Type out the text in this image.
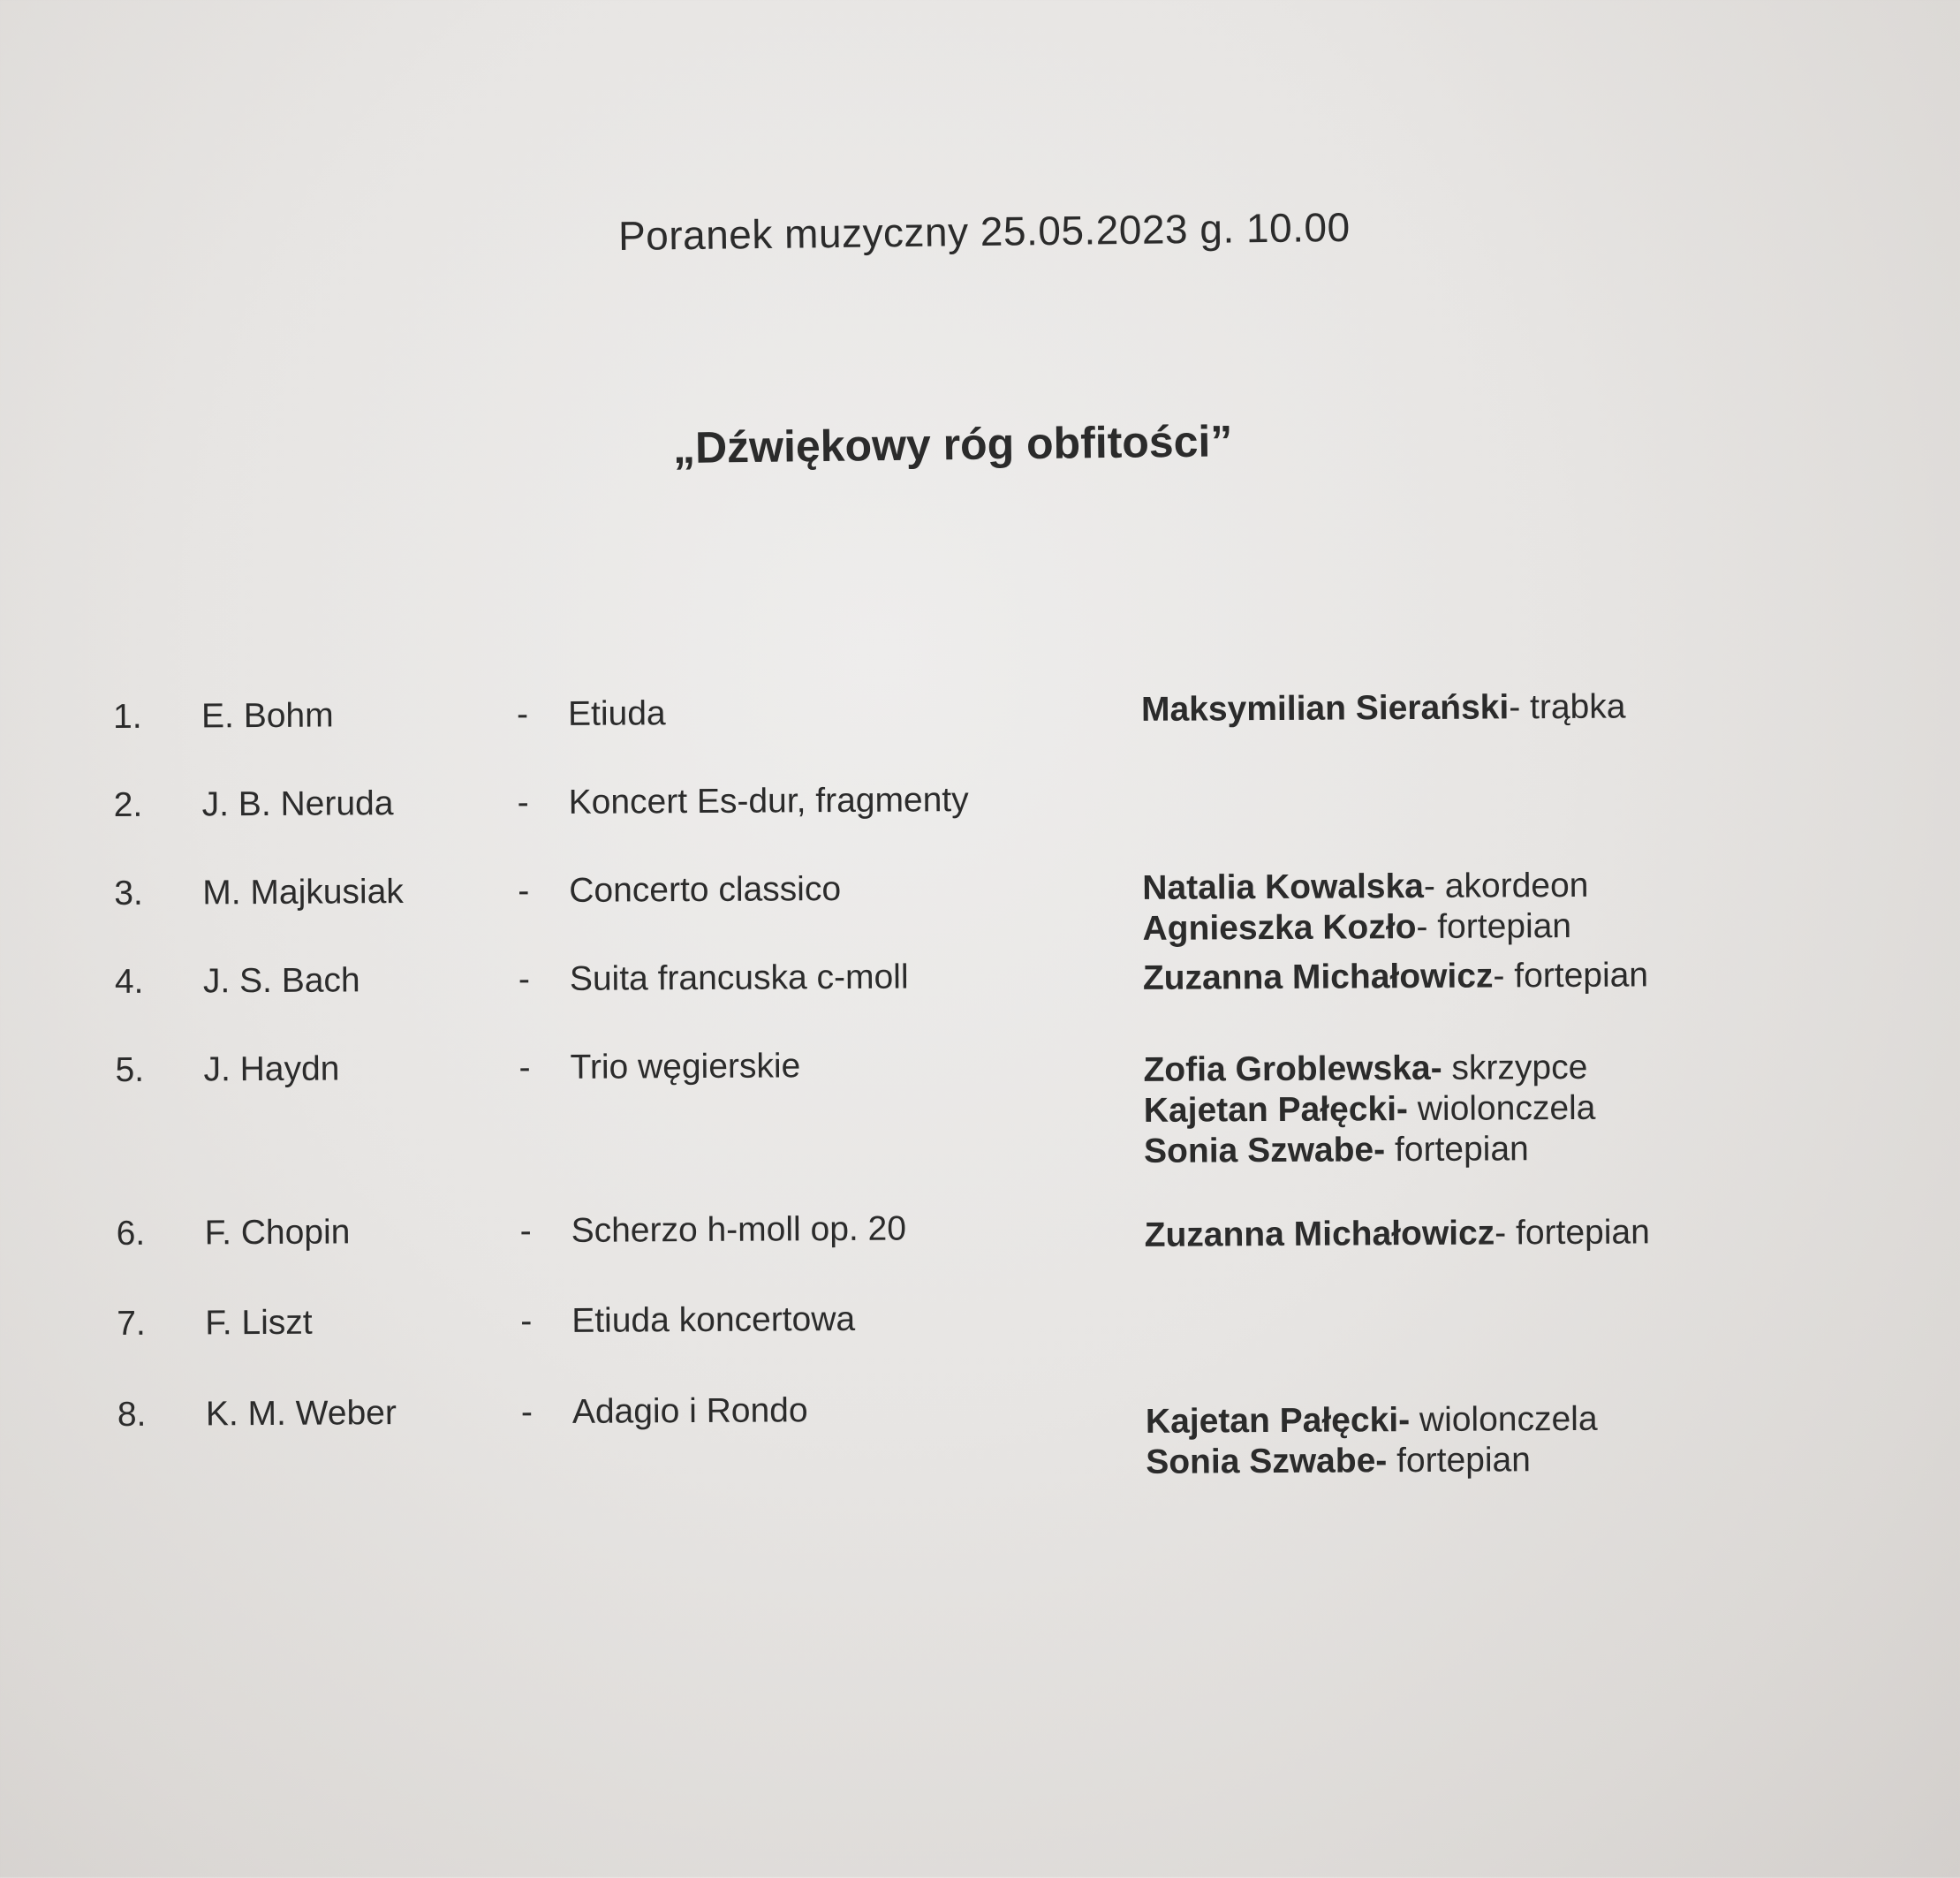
Poranek muzyczny 25.05.2023 g. 10.00
„Dźwiękowy róg obfitości”
1. E. Bohm	- Etiuda	Maksymilian Sierański- trąbka
2. J. B. Neruda	- Koncert Es-dur, fragmenty
3. M. Majkusiak	- Concerto classico	Natalia Kowalska- akordeon
Agnieszka Kozło- fortepian
4. J. S. Bach	- Suita francuska c-moll	Zuzanna Michałowicz- fortepian
5. J. Haydn	- Trio węgierskie	Zofia Groblewska- skrzypce
Kajetan Pałęcki- wiolonczela
Sonia Szwabe- fortepian
6. F. Chopin	- Scherzo h-moll op. 20	Zuzanna Michałowicz- fortepian
7. F. Liszt	- Etiuda koncertowa
8. K. M. Weber	- Adagio i Rondo	Kajetan Pałęcki- wiolonczela
Sonia Szwabe- fortepian
